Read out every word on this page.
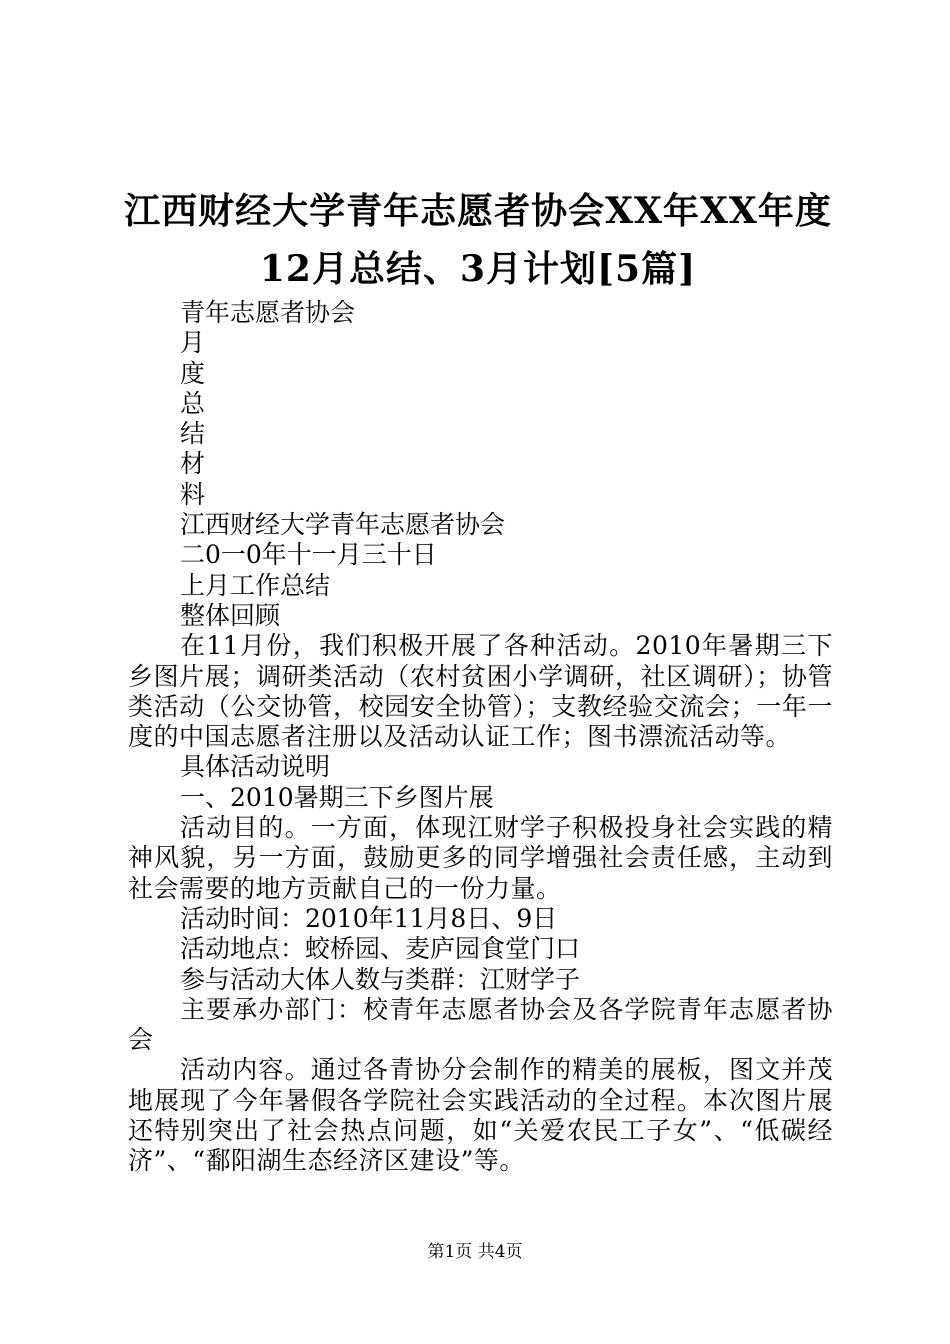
江西财经大学青年志愿者协会XX年XX年度12月总结、3月计划[5篇]

青年志愿者协会

月

度

总

结

材

料

江西财经大学青年志愿者协会

二0一0年十一月三十日

上月工作总结

整体回顾

在11月份，我们积极开展了各种活动。2010年暑期三下乡图片展；调研类活动（农村贫困小学调研，社区调研）；协管类活动（公交协管，校园安全协管）；支教经验交流会；一年一度的中国志愿者注册以及活动认证工作；图书漂流活动等。

具体活动说明

一、2010暑期三下乡图片展

活动目的。一方面，体现江财学子积极投身社会实践的精神风貌，另一方面，鼓励更多的同学增强社会责任感，主动到社会需要的地方贡献自己的一份力量。

活动时间：2010年11月8日、9日

活动地点：蛟桥园、麦庐园食堂门口

参与活动大体人数与类群：江财学子

主要承办部门：校青年志愿者协会及各学院青年志愿者协会

活动内容。通过各青协分会制作的精美的展板，图文并茂地展现了今年暑假各学院社会实践活动的全过程。本次图片展还特别突出了社会热点问题，如“关爱农民工子女”、“低碳经济”、“鄱阳湖生态经济区建设”等。

第1页 共4页
